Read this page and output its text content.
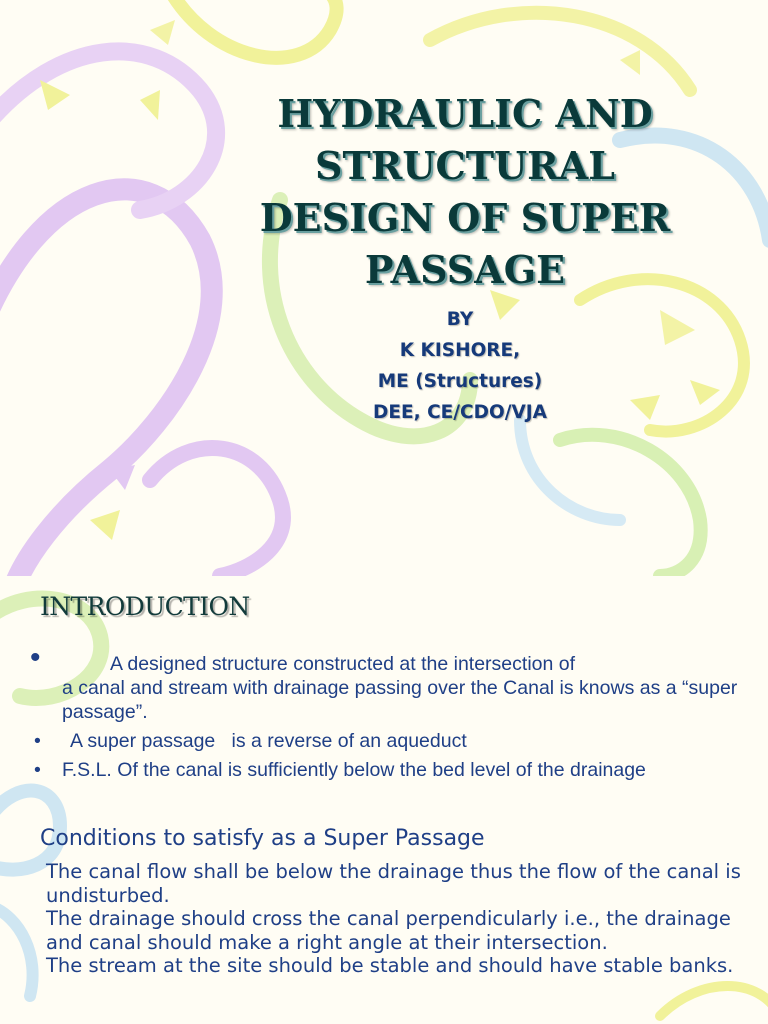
HYDRAULIC AND
STRUCTURAL
DESIGN OF SUPER
PASSAGE
BY
K KISHORE,
ME (Structures)
DEE, CE/CDO/VJA
INTRODUCTION
•	A designed structure constructed at the intersection of
a canal and stream with drainage passing over the Canal is knows as a “super passage”.
•	A super passage   is a reverse of an aqueduct
• F.S.L. Of the canal is sufficiently below the bed level of the drainage
Conditions to satisfy as a Super Passage

The canal flow shall be below the drainage thus the flow of the canal is undisturbed.

The drainage should cross the canal perpendicularly i.e., the drainage and canal should make a right angle at their intersection.

The stream at the site should be stable and should have stable banks.
